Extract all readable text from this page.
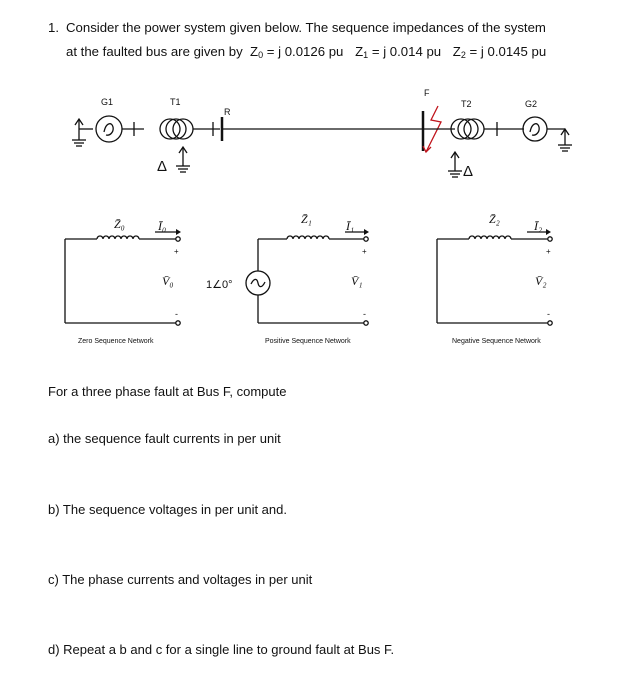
1. Consider the power system given below. The sequence impedances of the system
at the faulted bus are given by $Z_0 = j$ 0.0126 pu $Z_1 = j$ 0.014 pu $Z_2 = j$ 0.0145 pu
G1	T1
R
F
T2	G2
Δ	Δ
Z̄₀	Ī₀
+
V̄₀
-
Zero Sequence Network
Z̄₁	Ī₁
+
V̄₁
-
1∠0°
Positive Sequence Network
Z̄₂	Ī₂
+
V̄₂
-
Negative Sequence Network
For a three phase fault at Bus F, compute
a) the sequence fault currents in per unit
b) The sequence voltages in per unit and.
c) The phase currents and voltages in per unit
d) Repeat a b and c for a single line to ground fault at Bus F.
